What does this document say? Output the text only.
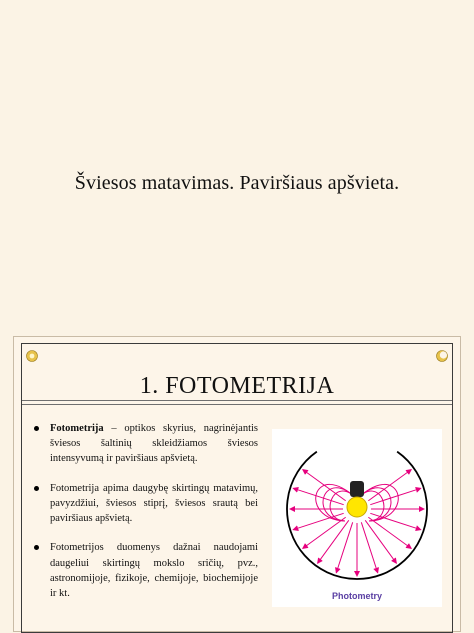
Šviesos matavimas. Paviršiaus apšvieta.
1. FOTOMETRIJA
Fotometrija – optikos skyrius, nagrinėjantis šviesos šaltinių skleidžiamos šviesos intensyvumą ir paviršiaus apšvietą.
Fotometrija apima daugybę skirtingų matavimų, pavyzdžiui, šviesos stiprį, šviesos srautą bei paviršiaus apšvietą.
Fotometrijos duomenys dažnai naudojami daugeliui skirtingų mokslo sričių, pvz., astronomijoje, fizikoje, chemijoje, biochemijoje ir kt.	Photometry
